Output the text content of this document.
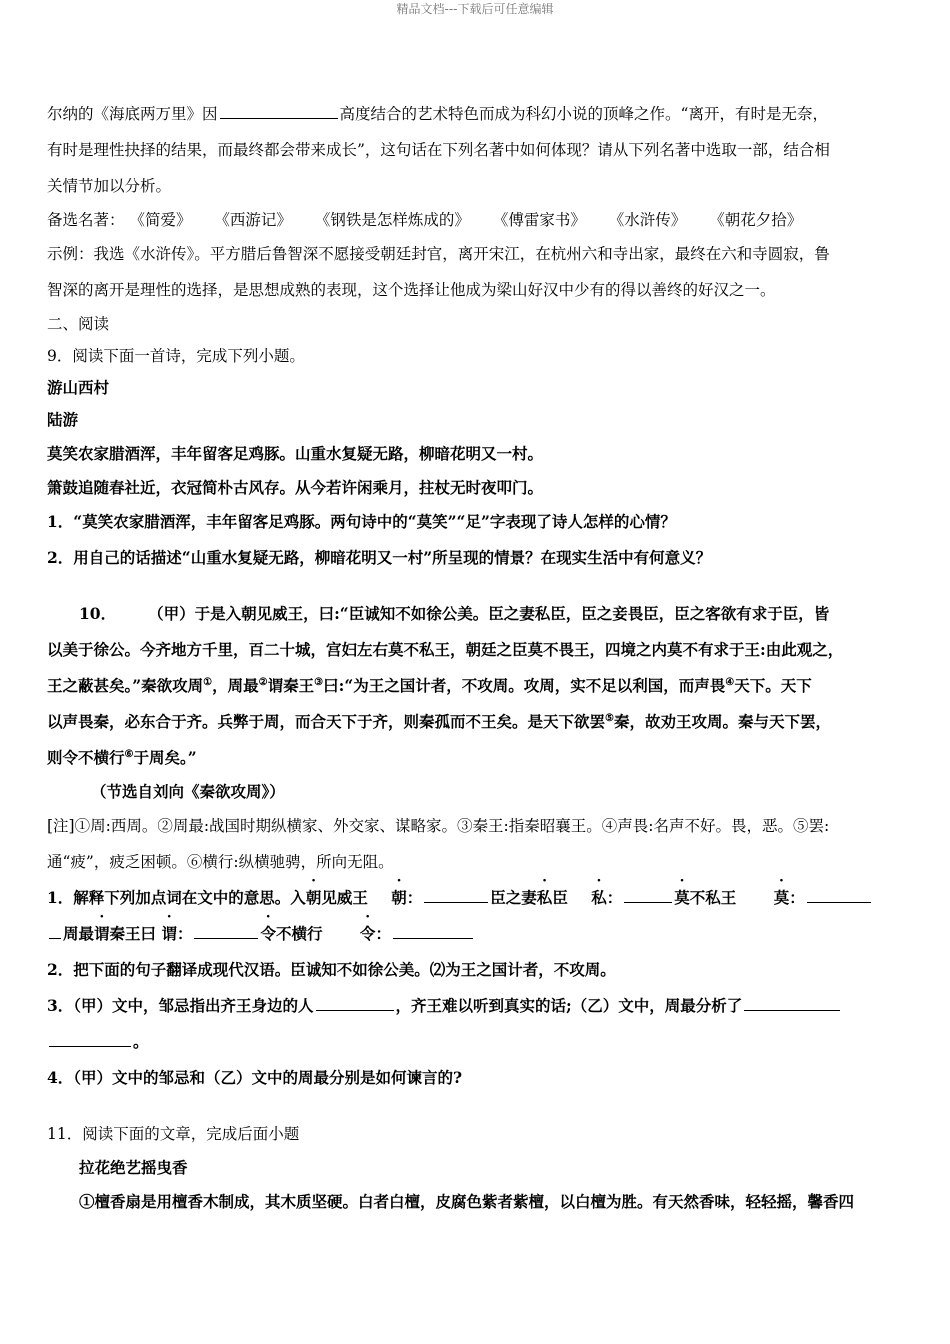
精品文档---下载后可任意编辑
尔纳的《海底两万里》因	高度结合的艺术特色而成为科幻小说的顶峰之作。“离开，有时是无奈，
有时是理性抉择的结果，而最终都会带来成长”，这句话在下列名著中如何体现？请从下列名著中选取一部，结合相
关情节加以分析。
备选名著： 《简爱》 《西游记》 《钢铁是怎样炼成的》 《傅雷家书》 《水浒传》 《朝花夕拾》
示例：我选《水浒传》。平方腊后鲁智深不愿接受朝廷封官，离开宋江，在杭州六和寺出家，最终在六和寺圆寂，鲁
智深的离开是理性的选择，是思想成熟的表现，这个选择让他成为梁山好汉中少有的得以善终的好汉之一。
二、阅读
9．阅读下面一首诗，完成下列小题。
游山西村
陆游
莫笑农家腊酒浑，丰年留客足鸡豚。山重水复疑无路，柳暗花明又一村。
箫鼓追随春社近，衣冠简朴古风存。从今若许闲乘月，拄杖无时夜叩门。
1．“莫笑农家腊酒浑，丰年留客足鸡豚。两句诗中的“莫笑”“足”字表现了诗人怎样的心情？
2．用自己的话描述“山重水复疑无路，柳暗花明又一村”所呈现的情景？在现实生活中有何意义？
10． （甲）于是入朝见威王，曰:“臣诚知不如徐公美。臣之妻私臣，臣之妾畏臣，臣之客欲有求于臣，皆
以美于徐公。今齐地方千里，百二十城，宫妇左右莫不私王，朝廷之臣莫不畏王，四境之内莫不有求于王:由此观之，
王之蔽甚矣。”秦欲攻周①，周最②谓秦王③曰:“为王之国计者，不攻周。攻周，实不足以利国，而声畏④天下。天下
以声畏秦，必东合于齐。兵弊于周，而合天下于齐，则秦孤而不王矣。是天下欲罢⑤秦，故劝王攻周。秦与天下罢，
则令不横行⑥于周矣。”
（节选自刘向《秦欲攻周》）
[注]①周:西周。②周最:战国时期纵横家、外交家、谋略家。③秦王:指秦昭襄王。④声畏:名声不好。畏，恶。⑤罢:
通“疲”，疲乏困顿。⑥横行:纵横驰骋，所向无阻。
1．解释下列加点词在文中的意思。入朝见威王 朝：	臣之妻私臣 私：	莫不私王 莫：
周最谓秦王曰 谓：	令不横行 令：
2．把下面的句子翻译成现代汉语。臣诚知不如徐公美。⑵为王之国计者，不攻周。
3．（甲）文中，邹忌指出齐王身边的人	，齐王难以听到真实的话;（乙）文中，周最分析了
。
4．（甲）文中的邹忌和（乙）文中的周最分别是如何谏言的?
11．阅读下面的文章，完成后面小题
拉花绝艺摇曳香
①檀香扇是用檀香木制成，其木质坚硬。白者白檀，皮腐色紫者紫檀，以白檀为胜。有天然香味，轻轻摇，馨香四
